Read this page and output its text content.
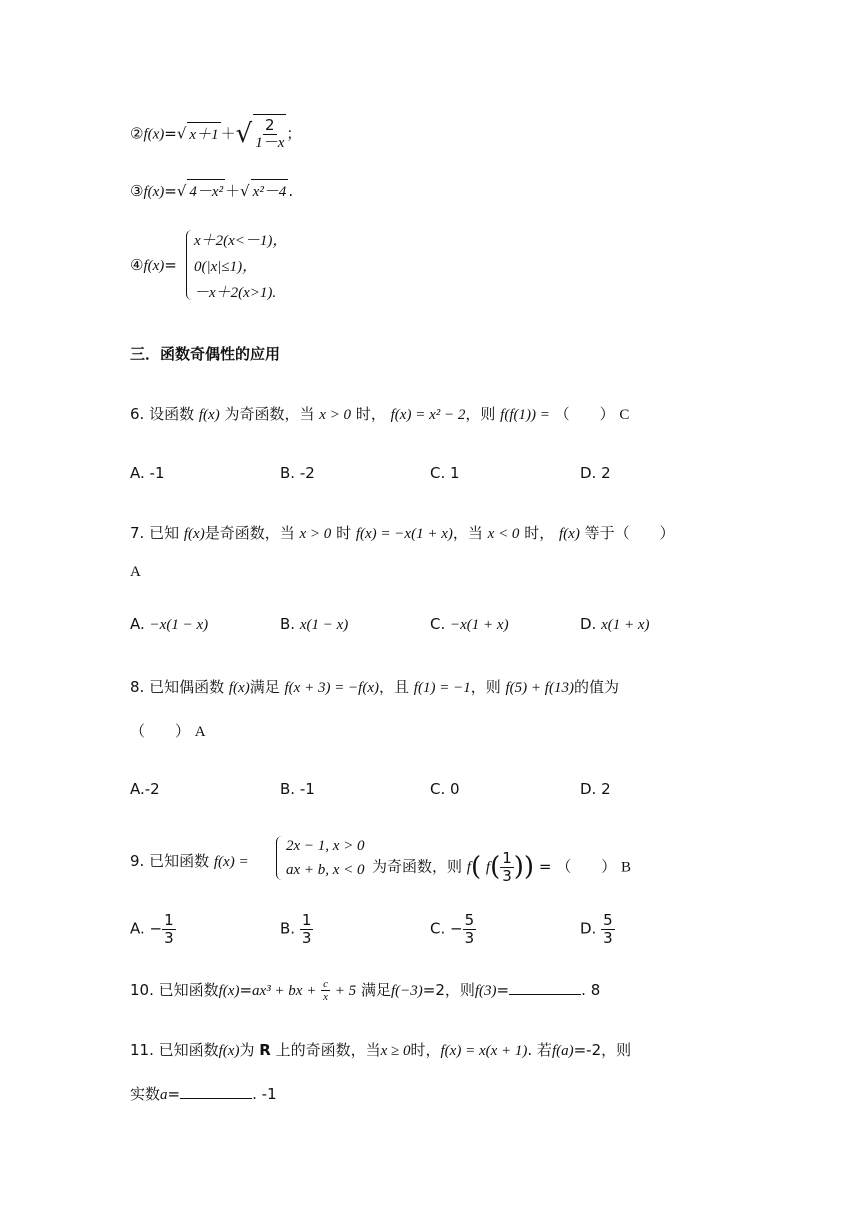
②f(x)=√ x＋1 ＋√ $\frac{2}{1-x}$ ；
③f(x)=√ 4－x² ＋√ x²－4 .
④f(x)=
x＋2(x<－1)，
0(|x|≤1)，
－x＋2(x>1).
三．函数奇偶性的应用
6. 设函数 f(x) 为奇函数，当 x > 0 时， f(x) = x² − 2，则 f(f(1)) = （　　） C
A. -1	B. -2	C. 1	D. 2
7. 已知 f(x)是奇函数，当 x > 0 时 f(x) = −x(1 + x)，当 x < 0 时， f(x) 等于（　　）
A
A. −x(1 − x)	B. x(1 − x)	C. −x(1 + x)	D. x(1 + x)
8. 已知偶函数 f(x)满足 f(x + 3) = −f(x)，且 f(1) = −1，则 f(5) + f(13)的值为
（　　） A
A.-2	B. -1	C. 0	D. 2
9. 已知函数 f(x) =
2x − 1, x > 0
ax + b, x < 0 为奇函数，则 f( $f( \frac{1}{3}$ )) = （　　） B
A. − $\frac{1}{3}$	B. $\frac{1}{3}$	C. − $\frac{5}{3}$	D. $\frac{5}{3}$
10. 已知函数f(x)=ax³ + bx + $\frac{c}{x} + 5$ 满足f(−3)=2，则f(3)=	. 8
11. 已知函数f(x)为 R 上的奇函数，当x ≥ 0时，f(x) = x(x + 1). 若f(a)=-2，则
实数a=	. -1
